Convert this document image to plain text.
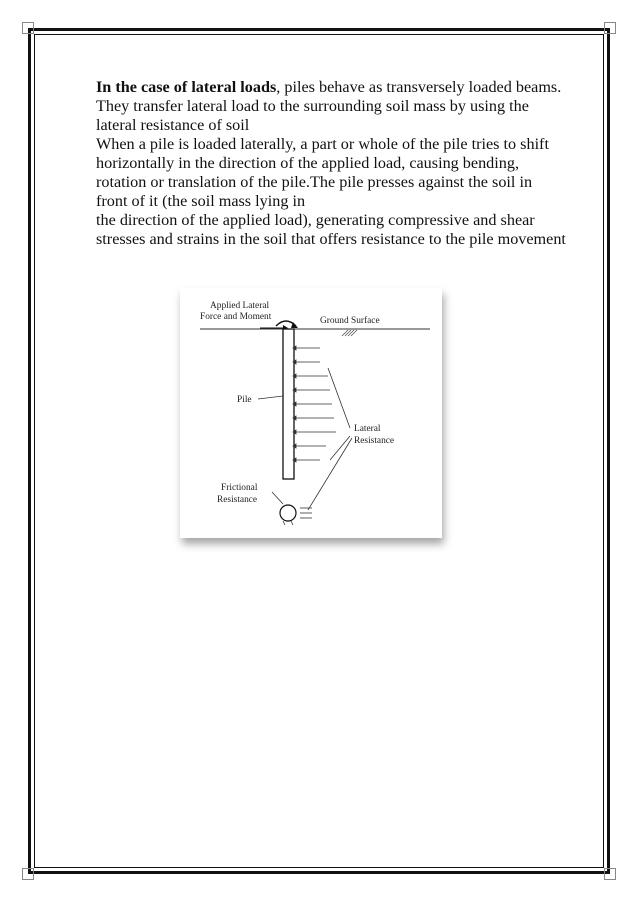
In the case of lateral loads, piles behave as transversely loaded beams. They transfer lateral load to the surrounding soil mass by using the lateral resistance of soil

When a pile is loaded laterally, a part or whole of the pile tries to shift horizontally in the direction of the applied load, causing bending, rotation or translation of the pile.The pile presses against the soil in front of it (the soil mass lying in

the direction of the applied load), generating compressive and shear stresses and strains in the soil that offers resistance to the pile movement

Applied Lateral
Force and Moment	Ground Surface
Lateral
Resistance
Pile
Frictional
Resistance
